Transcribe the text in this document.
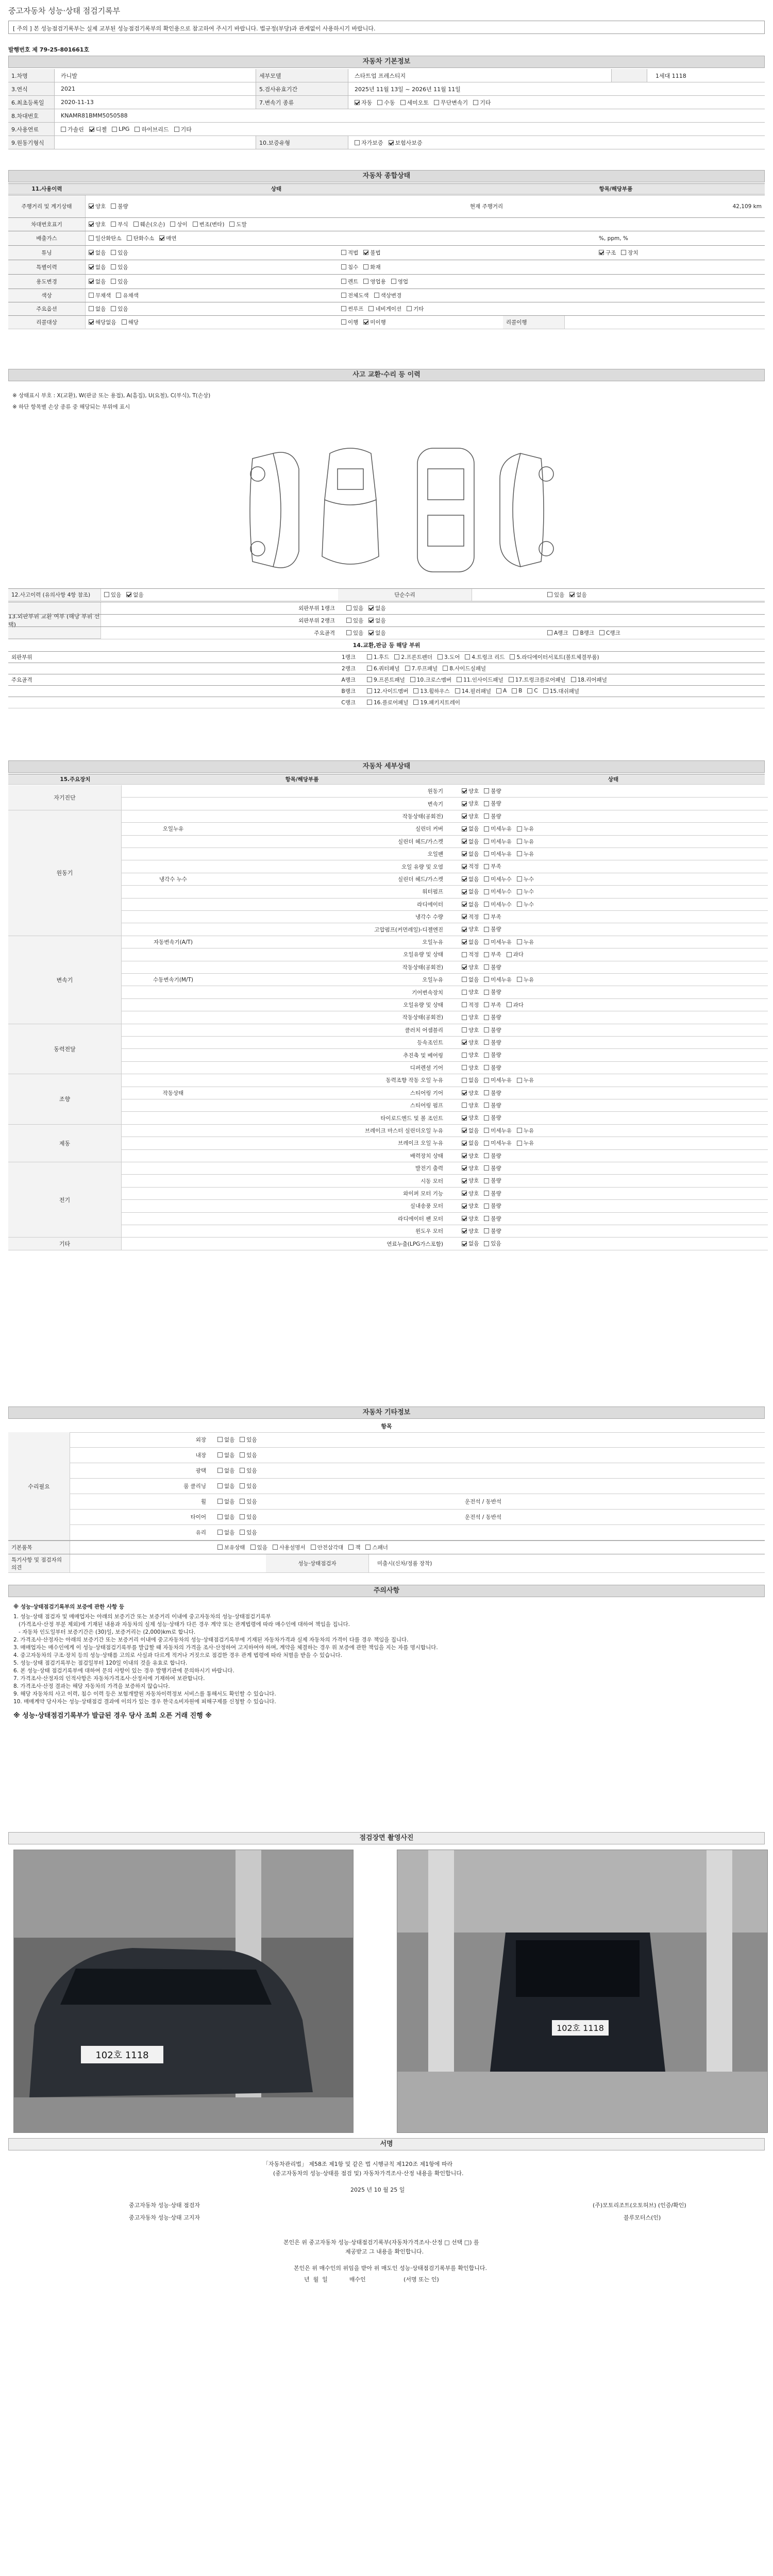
중고자동차 성능·상태 점검기록부
[ 주의 ] 본 성능점검기록부는 실제 교부된 성능점검기록부의 확인용으로 참고하여 주시기 바랍니다. 법규정(부당)과 관계없이 사용하시기 바랍니다.
발행번호 제 79-25-801661호
자동차 기본정보
자동차 종합상태
사고 교환·수리 등 이력
※ 상태표시 부호 : X(교환), W(판금 또는 용접), A(흠집), U(요철), C(부식), T(손상)
※ 하단 항목별 손상 종류 중 해당되는 부위에 표시
자동차 세부상태
자동차 기타정보
주의사항
※ 성능·상태점검기록부의 보증에 관한 사항 등
1. 성능·상태 점검자 및 매매업자는 아래의 보증기간 또는 보증거리 이내에 중고자동차의 성능·상태점검기록부
(가격조사·산정 부분 제외)에 기재된 내용과 자동차의 실제 성능·상태가 다른 경우 계약 또는 관계법령에 따라 매수인에 대하여 책임을 집니다.
- 자동차 인도일부터 보증기간은 (30)일, 보증거리는 (2,000)km로 합니다.
2. 가격조사·산정자는 아래의 보증기간 또는 보증거리 이내에 중고자동차의 성능·상태점검기록부에 기재된 자동차가격과 실제 자동차의 가격이 다를 경우 책임을 집니다.
3. 매매업자는 매수인에게 이 성능·상태점검기록부를 발급할 때 자동차의 가격을 조사·산정하여 고지하여야 하며, 계약을 체결하는 경우 위 보증에 관한 책임을 지는 자를 명시합니다.
4. 중고자동차의 구조·장치 등의 성능·상태를 고의로 사실과 다르게 적거나 거짓으로 점검한 경우 관계 법령에 따라 처벌을 받을 수 있습니다.
5. 성능·상태 점검기록부는 점검일부터 120일 이내의 것을 유효로 합니다.
6. 본 성능·상태 점검기록부에 대하여 문의 사항이 있는 경우 발행기관에 문의하시기 바랍니다.
7. 가격조사·산정자의 인적사항은 자동차가격조사·산정서에 기재하여 보관합니다.
8. 가격조사·산정 결과는 해당 자동차의 가격을 보증하지 않습니다.
9. 해당 자동차의 사고 이력, 침수 이력 등은 보험개발원 자동차이력정보 서비스를 통해서도 확인할 수 있습니다.
10. 매매계약 당사자는 성능·상태점검 결과에 이의가 있는 경우 한국소비자원에 피해구제를 신청할 수 있습니다.
※ 성능·상태점검기록부가 발급된 경우 당사 조회 오픈 거래 진행 ※
점검장면 촬영사진
102호 1118
102호 1118
서명
「자동차관리법」 제58조 제1항 및 같은 법 시행규칙 제120조 제1항에 따라
(중고자동차의 성능·상태를 점검 및) 자동차가격조사·산정 내용을 확인합니다.
2025 년 10 월 25 일
중고자동차 성능·상태 점검자	(주)모토리조트(오토허브) (인증/확인)
중고자동차 성능·상태 고지자	블루모터스(인)
본인은 위 중고자동차 성능·상태점검기록부(자동차가격조사·산정 □ 선택 □) 를
제공받고 그 내용을 확인합니다.
본인은 위 매수인의 위임을 받아 위 매도인 성능·상태점검기록부를 확인합니다.
년  월  일            매수인                     (서명 또는 인)
1.차명	카니발	세부모델	스타트업 프레스티지	1세대 1118
3.연식	2021	5.검사유효기간	2025년 11월 13일 ~ 2026년 11월 11일
6.최초등록일	2020-11-13	7.변속기 종류	자동 수동 세미오토 무단변속기 기타
8.차대번호	KNAMR81BMM5050588
9.사용연료	가솔린 디젤 LPG 하이브리드 기타
9.원동기형식	10.보증유형	자가보증 보험사보증
11.사용이력	상태	항목/해당부품
주행거리 및 계기상태	양호 불량	현재 주행거리	42,109 km
차대번호표기	양호 부식 훼손(오손) 상이 변조(변타) 도말
배출가스	일산화탄소 탄화수소 매연	%, ppm, %
튜닝	없음 있음	적법 불법	구조 장치
특별이력	없음 있음	침수 화재
용도변경	없음 있음	렌트 영업용 영업
색상	무채색 유채색	전체도색 색상변경
주요옵션	없음 있음	썬루프 네비게이션 기타
리콜대상	해당없음 해당	이행 미이행	리콜이행
12.사고이력 (유의사항 4항 참조)	있음 없음	단순수리	있음 없음
13.외판부위 교환 여부 (해당 부위 선택)
외판부위 1랭크	있음 없음
외판부위 2랭크	있음 없음
주요골격	있음 없음	A랭크 B랭크 C랭크
14.교환,판금 등 해당 부위
외판부위	1랭크	1.후드 2.프론트펜더 3.도어 4.트렁크 리드 5.라디에이터서포트(볼트체결부품)
2랭크	6.쿼터패널 7.루프패널 8.사이드실패널
주요골격	A랭크	9.프론트패널 10.크로스멤버 11.인사이드패널 17.트렁크플로어패널 18.리어패널
B랭크	12.사이드멤버 13.휠하우스 14.필러패널 A B C 15.대쉬패널
C랭크	16.플로어패널 19.패키지트레이
15.주요장치	항목/해당부품	상태
자기진단
원동기	양호 불량
변속기	양호 불량
원동기
작동상태(공회전)	양호 불량
오일누유	실린더 커버	없음 미세누유 누유
실린더 헤드/가스켓	없음 미세누유 누유
오일팬	없음 미세누유 누유
오일 유량 및 오염	적정 부족
냉각수 누수	실린더 헤드/가스켓	없음 미세누수 누수
워터펌프	없음 미세누수 누수
라디에이터	없음 미세누수 누수
냉각수 수량	적정 부족
고압펌프(커먼레일)-디젤엔진	양호 불량
변속기
자동변속기(A/T)	오일누유	없음 미세누유 누유
오일유량 및 상태	적정 부족 과다
작동상태(공회전)	양호 불량
수동변속기(M/T)	오일누유	없음 미세누유 누유
기어변속장치	양호 불량
오일유량 및 상태	적정 부족 과다
작동상태(공회전)	양호 불량
동력전달
클러치 어셈블리	양호 불량
등속조인트	양호 불량
추진축 및 베어링	양호 불량
디퍼렌셜 기어	양호 불량
조향
동력조향 작동 오일 누유	없음 미세누유 누유
작동상태	스티어링 기어	양호 불량
스티어링 펌프	양호 불량
타이로드엔드 및 볼 조인트	양호 불량
제동
브레이크 마스터 실린더오일 누유	없음 미세누유 누유
브레이크 오일 누유	없음 미세누유 누유
배력장치 상태	양호 불량
전기
발전기 출력	양호 불량
시동 모터	양호 불량
와이퍼 모터 기능	양호 불량
실내송풍 모터	양호 불량
라디에이터 팬 모터	양호 불량
윈도우 모터	양호 불량
기타	연료누출(LPG가스포함)	없음 있음
항목
수리필요
외장	없음 있음
내장	없음 있음
광택	없음 있음
룸 클리닝	없음 있음
휠	없음 있음	운전석 / 동반석
타이어	없음 있음	운전석 / 동반석
유리	없음 있음
기본품목	보유상태 있음 사용설명서 안전삼각대 잭 스패너
특기사항 및 점검자의 의견
성능·상태점검자	미출시(신차/정품 장착)
